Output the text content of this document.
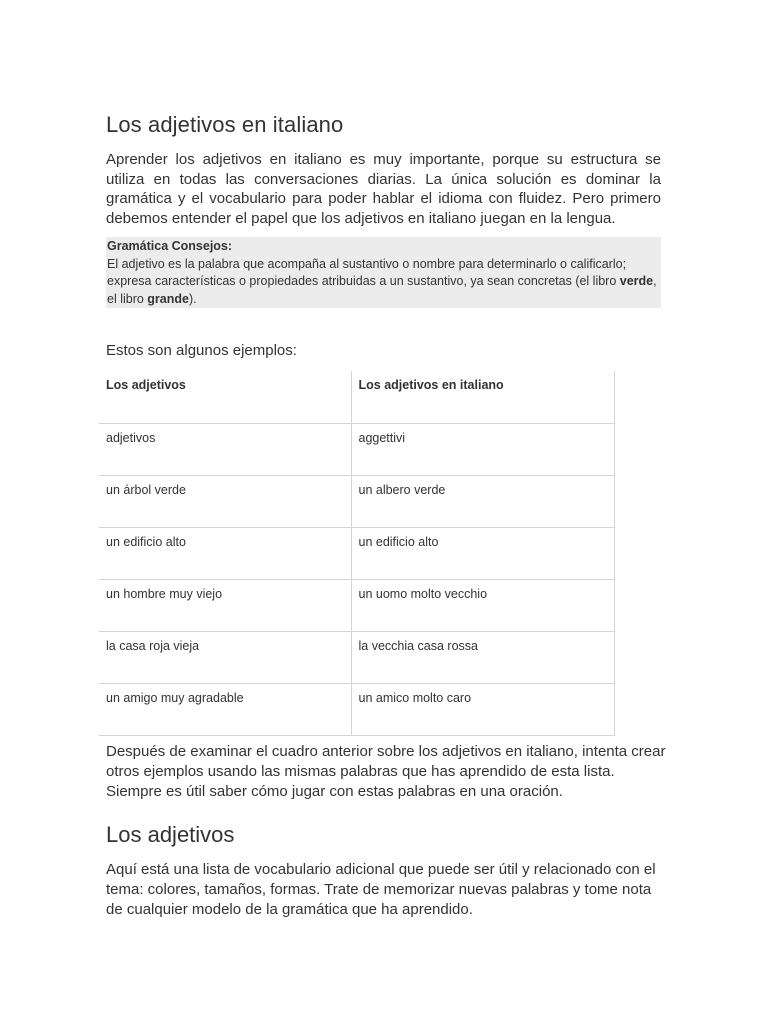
Los adjetivos en italiano

Aprender los adjetivos en italiano es muy importante, porque su estructura se utiliza en todas las conversaciones diarias. La única solución es dominar la gramática y el vocabulario para poder hablar el idioma con fluidez. Pero primero debemos entender el papel que los adjetivos en italiano juegan en la lengua.

Gramática Consejos:
El adjetivo es la palabra que acompaña al sustantivo o nombre para determinarlo o calificarlo; expresa características o propiedades atribuidas a un sustantivo, ya sean concretas (el libro verde, el libro grande).

Estos son algunos ejemplos:

Los adjetivos	Los adjetivos en italiano
adjetivos	aggettivi
un árbol verde	un albero verde
un edificio alto	un edificio alto
un hombre muy viejo	un uomo molto vecchio
la casa roja vieja	la vecchia casa rossa
un amigo muy agradable	un amico molto caro

Después de examinar el cuadro anterior sobre los adjetivos en italiano, intenta crear otros ejemplos usando las mismas palabras que has aprendido de esta lista. Siempre es útil saber cómo jugar con estas palabras en una oración.

Los adjetivos

Aquí está una lista de vocabulario adicional que puede ser útil y relacionado con el tema: colores, tamaños, formas. Trate de memorizar nuevas palabras y tome nota de cualquier modelo de la gramática que ha aprendido.
